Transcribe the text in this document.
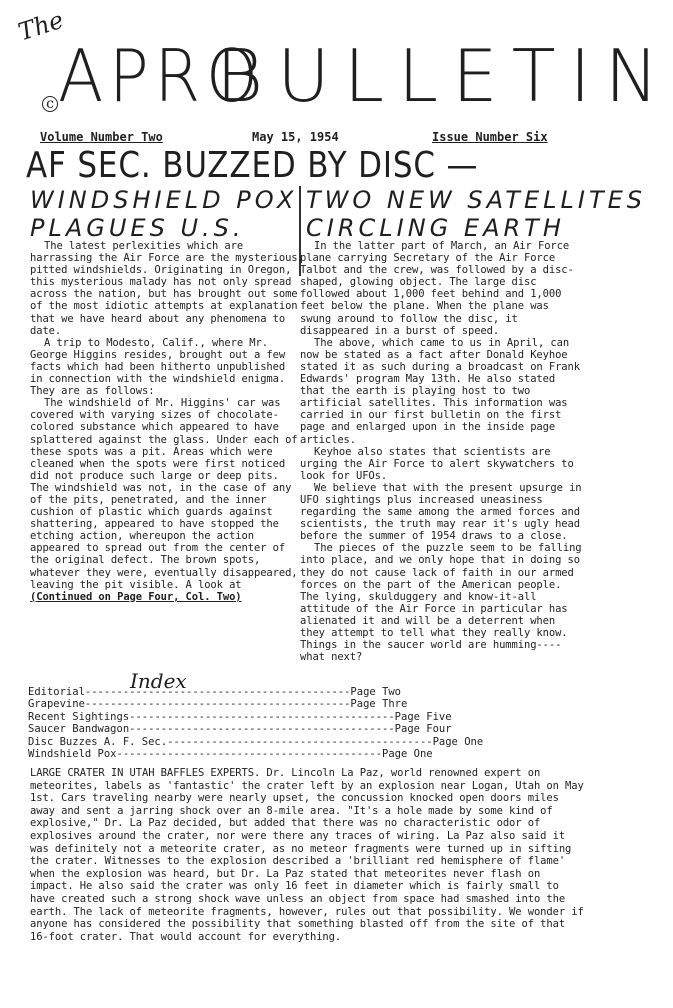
The
c APRO
BULLETIN
Volume Number Two	May 15, 1954	Issue Number Six
AF SEC. BUZZED BY DISC —
WINDSHIELD POX
PLAGUES U.S.
TWO NEW SATELLITES
CIRCLING EARTH

The latest perlexities which are harrassing the Air Force are the mysterious pitted windshields. Originating in Oregon, this mysterious malady has not only spread across the nation, but has brought out some of the most idiotic attempts at explanation that we have heard about any phenomena to date.

A trip to Modesto, Calif., where Mr. George Higgins resides, brought out a few facts which had been hitherto unpublished in connection with the windshield enigma. They are as follows:

The windshield of Mr. Higgins' car was covered with varying sizes of chocolate-colored substance which appeared to have splattered against the glass. Under each of these spots was a pit. Areas which were cleaned when the spots were first noticed did not produce such large or deep pits. The windshield was not, in the case of any of the pits, penetrated, and the inner cushion of plastic which guards against shattering, appeared to have stopped the etching action, whereupon the action appeared to spread out from the center of the original defect. The brown spots, whatever they were, eventually disappeared, leaving the pit visible. A look at

(Continued on Page Four, Col. Two)
Index
Editorial ------------------------------------------ Page Two
Grapevine ------------------------------------------ Page Thre
Recent Sightings ------------------------------------------ Page Five
Saucer Bandwagon ------------------------------------------ Page Four
Disc Buzzes A. F. Sec. ------------------------------------------ Page One
Windshield Pox ------------------------------------------ Page One

In the latter part of March, an Air Force plane carrying Secretary of the Air Force Talbot and the crew, was followed by a disc-shaped, glowing object. The large disc followed about 1,000 feet behind and 1,000 feet below the plane. When the plane was swung around to follow the disc, it disappeared in a burst of speed.

The above, which came to us in April, can now be stated as a fact after Donald Keyhoe stated it as such during a broadcast on Frank Edwards' program May 13th. He also stated that the earth is playing host to two artificial satellites. This information was carried in our first bulletin on the first page and enlarged upon in the inside page articles.

Keyhoe also states that scientists are urging the Air Force to alert skywatchers to look for UFOs.

We believe that with the present upsurge in UFO sightings plus increased uneasiness regarding the same among the armed forces and scientists, the truth may rear it's ugly head before the summer of 1954 draws to a close.

The pieces of the puzzle seem to be falling into place, and we only hope that in doing so they do not cause lack of faith in our armed forces on the part of the American people. The lying, skulduggery and know-it-all attitude of the Air Force in particular has alienated it and will be a deterrent when they attempt to tell what they really know. Things in the saucer world are humming----what next?

LARGE CRATER IN UTAH BAFFLES EXPERTS. Dr. Lincoln La Paz, world renowned expert on meteorites, labels as 'fantastic' the crater left by an explosion near Logan, Utah on May 1st. Cars traveling nearby were nearly upset, the concussion knocked open doors miles away and sent a jarring shock over an 8-mile area. "It's a hole made by some kind of explosive," Dr. La Paz decided, but added that there was no characteristic odor of explosives around the crater, nor were there any traces of wiring. La Paz also said it was definitely not a meteorite crater, as no meteor fragments were turned up in sifting the crater. Witnesses to the explosion described a 'brilliant red hemisphere of flame' when the explosion was heard, but Dr. La Paz stated that meteorites never flash on impact. He also said the crater was only 16 feet in diameter which is fairly small to have created such a strong shock wave unless an object from space had smashed into the earth. The lack of meteorite fragments, however, rules out that possibility. We wonder if anyone has considered the possibility that something blasted off from the site of that 16-foot crater. That would account for everything.
